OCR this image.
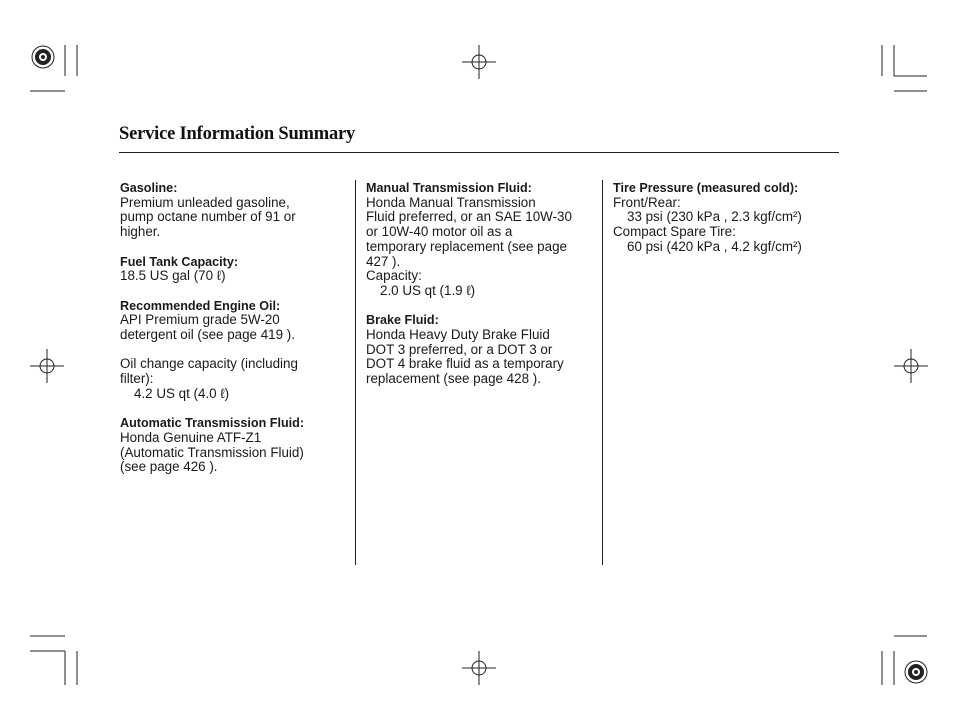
Service Information Summary
Gasoline:
Premium unleaded gasoline,
pump octane number of 91 or
higher.
Fuel Tank Capacity:
18.5 US gal (70 ℓ)
Recommended Engine Oil:
API Premium grade 5W-20
detergent oil (see page 419 ).
Oil change capacity (including
filter):
4.2 US qt (4.0 ℓ)
Automatic Transmission Fluid:
Honda Genuine ATF-Z1
(Automatic Transmission Fluid)
(see page 426 ).
Manual Transmission Fluid:
Honda Manual Transmission
Fluid preferred, or an SAE 10W-30
or 10W-40 motor oil as a
temporary replacement (see page
427 ).
Capacity:
2.0 US qt (1.9 ℓ)
Brake Fluid:
Honda Heavy Duty Brake Fluid
DOT 3 preferred, or a DOT 3 or
DOT 4 brake fluid as a temporary
replacement (see page 428 ).
Tire Pressure (measured cold):
Front/Rear:
33 psi (230 kPa , 2.3 kgf/cm²)
Compact Spare Tire:
60 psi (420 kPa , 4.2 kgf/cm²)
